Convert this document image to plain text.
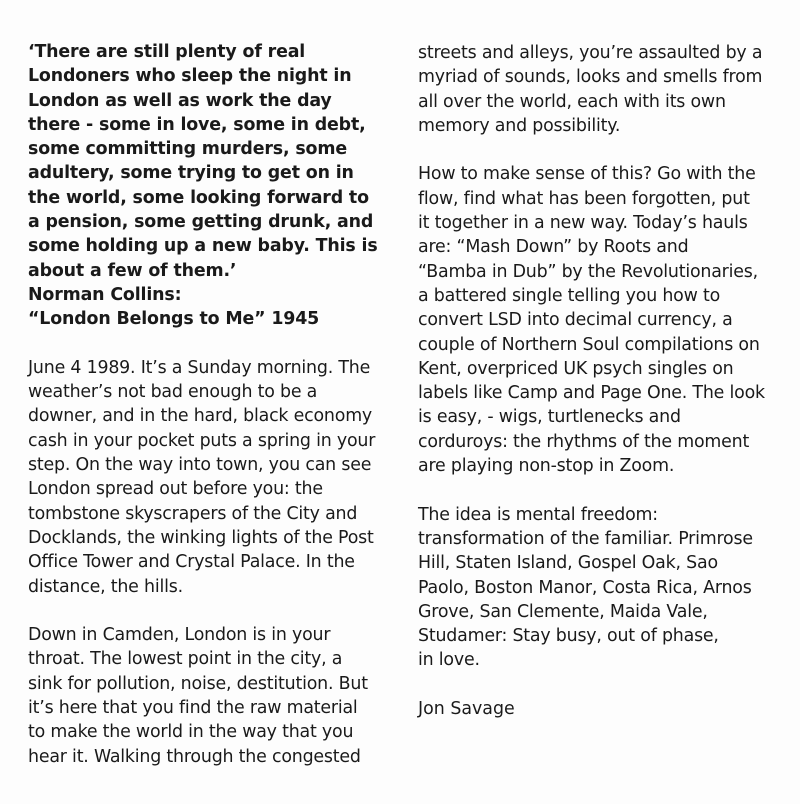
‘There are still plenty of real
Londoners who sleep the night in
London as well as work the day
there - some in love, some in debt,
some committing murders, some
adultery, some trying to get on in
the world, some looking forward to
a pension, some getting drunk, and
some holding up a new baby. This is
about a few of them.’
Norman Collins:
“London Belongs to Me” 1945
June 4 1989. It’s a Sunday morning. The
weather’s not bad enough to be a
downer, and in the hard, black economy
cash in your pocket puts a spring in your
step. On the way into town, you can see
London spread out before you: the
tombstone skyscrapers of the City and
Docklands, the winking lights of the Post
Office Tower and Crystal Palace. In the
distance, the hills.
Down in Camden, London is in your
throat. The lowest point in the city, a
sink for pollution, noise, destitution. But
it’s here that you find the raw material
to make the world in the way that you
hear it. Walking through the congested
streets and alleys, you’re assaulted by a
myriad of sounds, looks and smells from
all over the world, each with its own
memory and possibility.
How to make sense of this? Go with the
flow, find what has been forgotten, put
it together in a new way. Today’s hauls
are: “Mash Down” by Roots and
“Bamba in Dub” by the Revolutionaries,
a battered single telling you how to
convert LSD into decimal currency, a
couple of Northern Soul compilations on
Kent, overpriced UK psych singles on
labels like Camp and Page One. The look
is easy, - wigs, turtlenecks and
corduroys: the rhythms of the moment
are playing non-stop in Zoom.
The idea is mental freedom:
transformation of the familiar. Primrose
Hill, Staten Island, Gospel Oak, Sao
Paolo, Boston Manor, Costa Rica, Arnos
Grove, San Clemente, Maida Vale,
Studamer: Stay busy, out of phase,
in love.

Jon Savage
